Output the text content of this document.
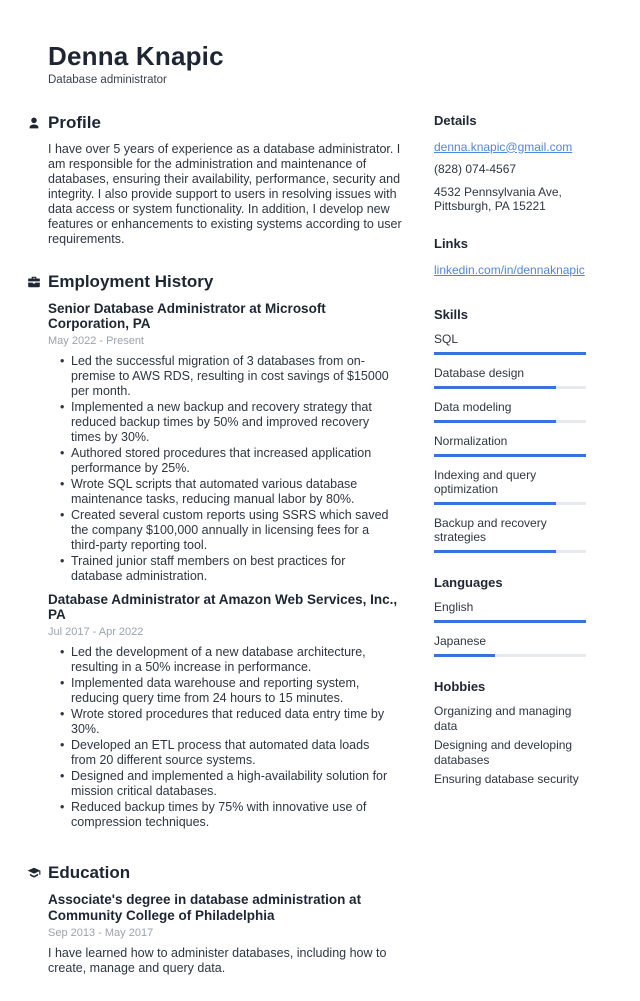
Denna Knapic
Database administrator
Profile
I have over 5 years of experience as a database administrator. I am responsible for the administration and maintenance of databases, ensuring their availability, performance, security and integrity. I also provide support to users in resolving issues with data access or system functionality. In addition, I develop new features or enhancements to existing systems according to user requirements.
Employment History
Senior Database Administrator at Microsoft Corporation, PA
May 2022 - Present
• Led the successful migration of 3 databases from on-premise to AWS RDS, resulting in cost savings of $15000 per month.
• Implemented a new backup and recovery strategy that reduced backup times by 50% and improved recovery times by 30%.
• Authored stored procedures that increased application performance by 25%.
• Wrote SQL scripts that automated various database maintenance tasks, reducing manual labor by 80%.
• Created several custom reports using SSRS which saved the company $100,000 annually in licensing fees for a third-party reporting tool.
• Trained junior staff members on best practices for database administration.
Database Administrator at Amazon Web Services, Inc., PA
Jul 2017 - Apr 2022
• Led the development of a new database architecture, resulting in a 50% increase in performance.
• Implemented data warehouse and reporting system, reducing query time from 24 hours to 15 minutes.
• Wrote stored procedures that reduced data entry time by 30%.
• Developed an ETL process that automated data loads from 20 different source systems.
• Designed and implemented a high-availability solution for mission critical databases.
• Reduced backup times by 75% with innovative use of compression techniques.
Education
Associate's degree in database administration at Community College of Philadelphia
Sep 2013 - May 2017
I have learned how to administer databases, including how to create, manage and query data.
Details
denna.knapic@gmail.com
(828) 074-4567
4532 Pennsylvania Ave, Pittsburgh, PA 15221
Links
linkedin.com/in/dennaknapic
Skills
SQL
Database design
Data modeling
Normalization
Indexing and query optimization
Backup and recovery strategies
Languages
English
Japanese
Hobbies
Organizing and managing data
Designing and developing databases
Ensuring database security
